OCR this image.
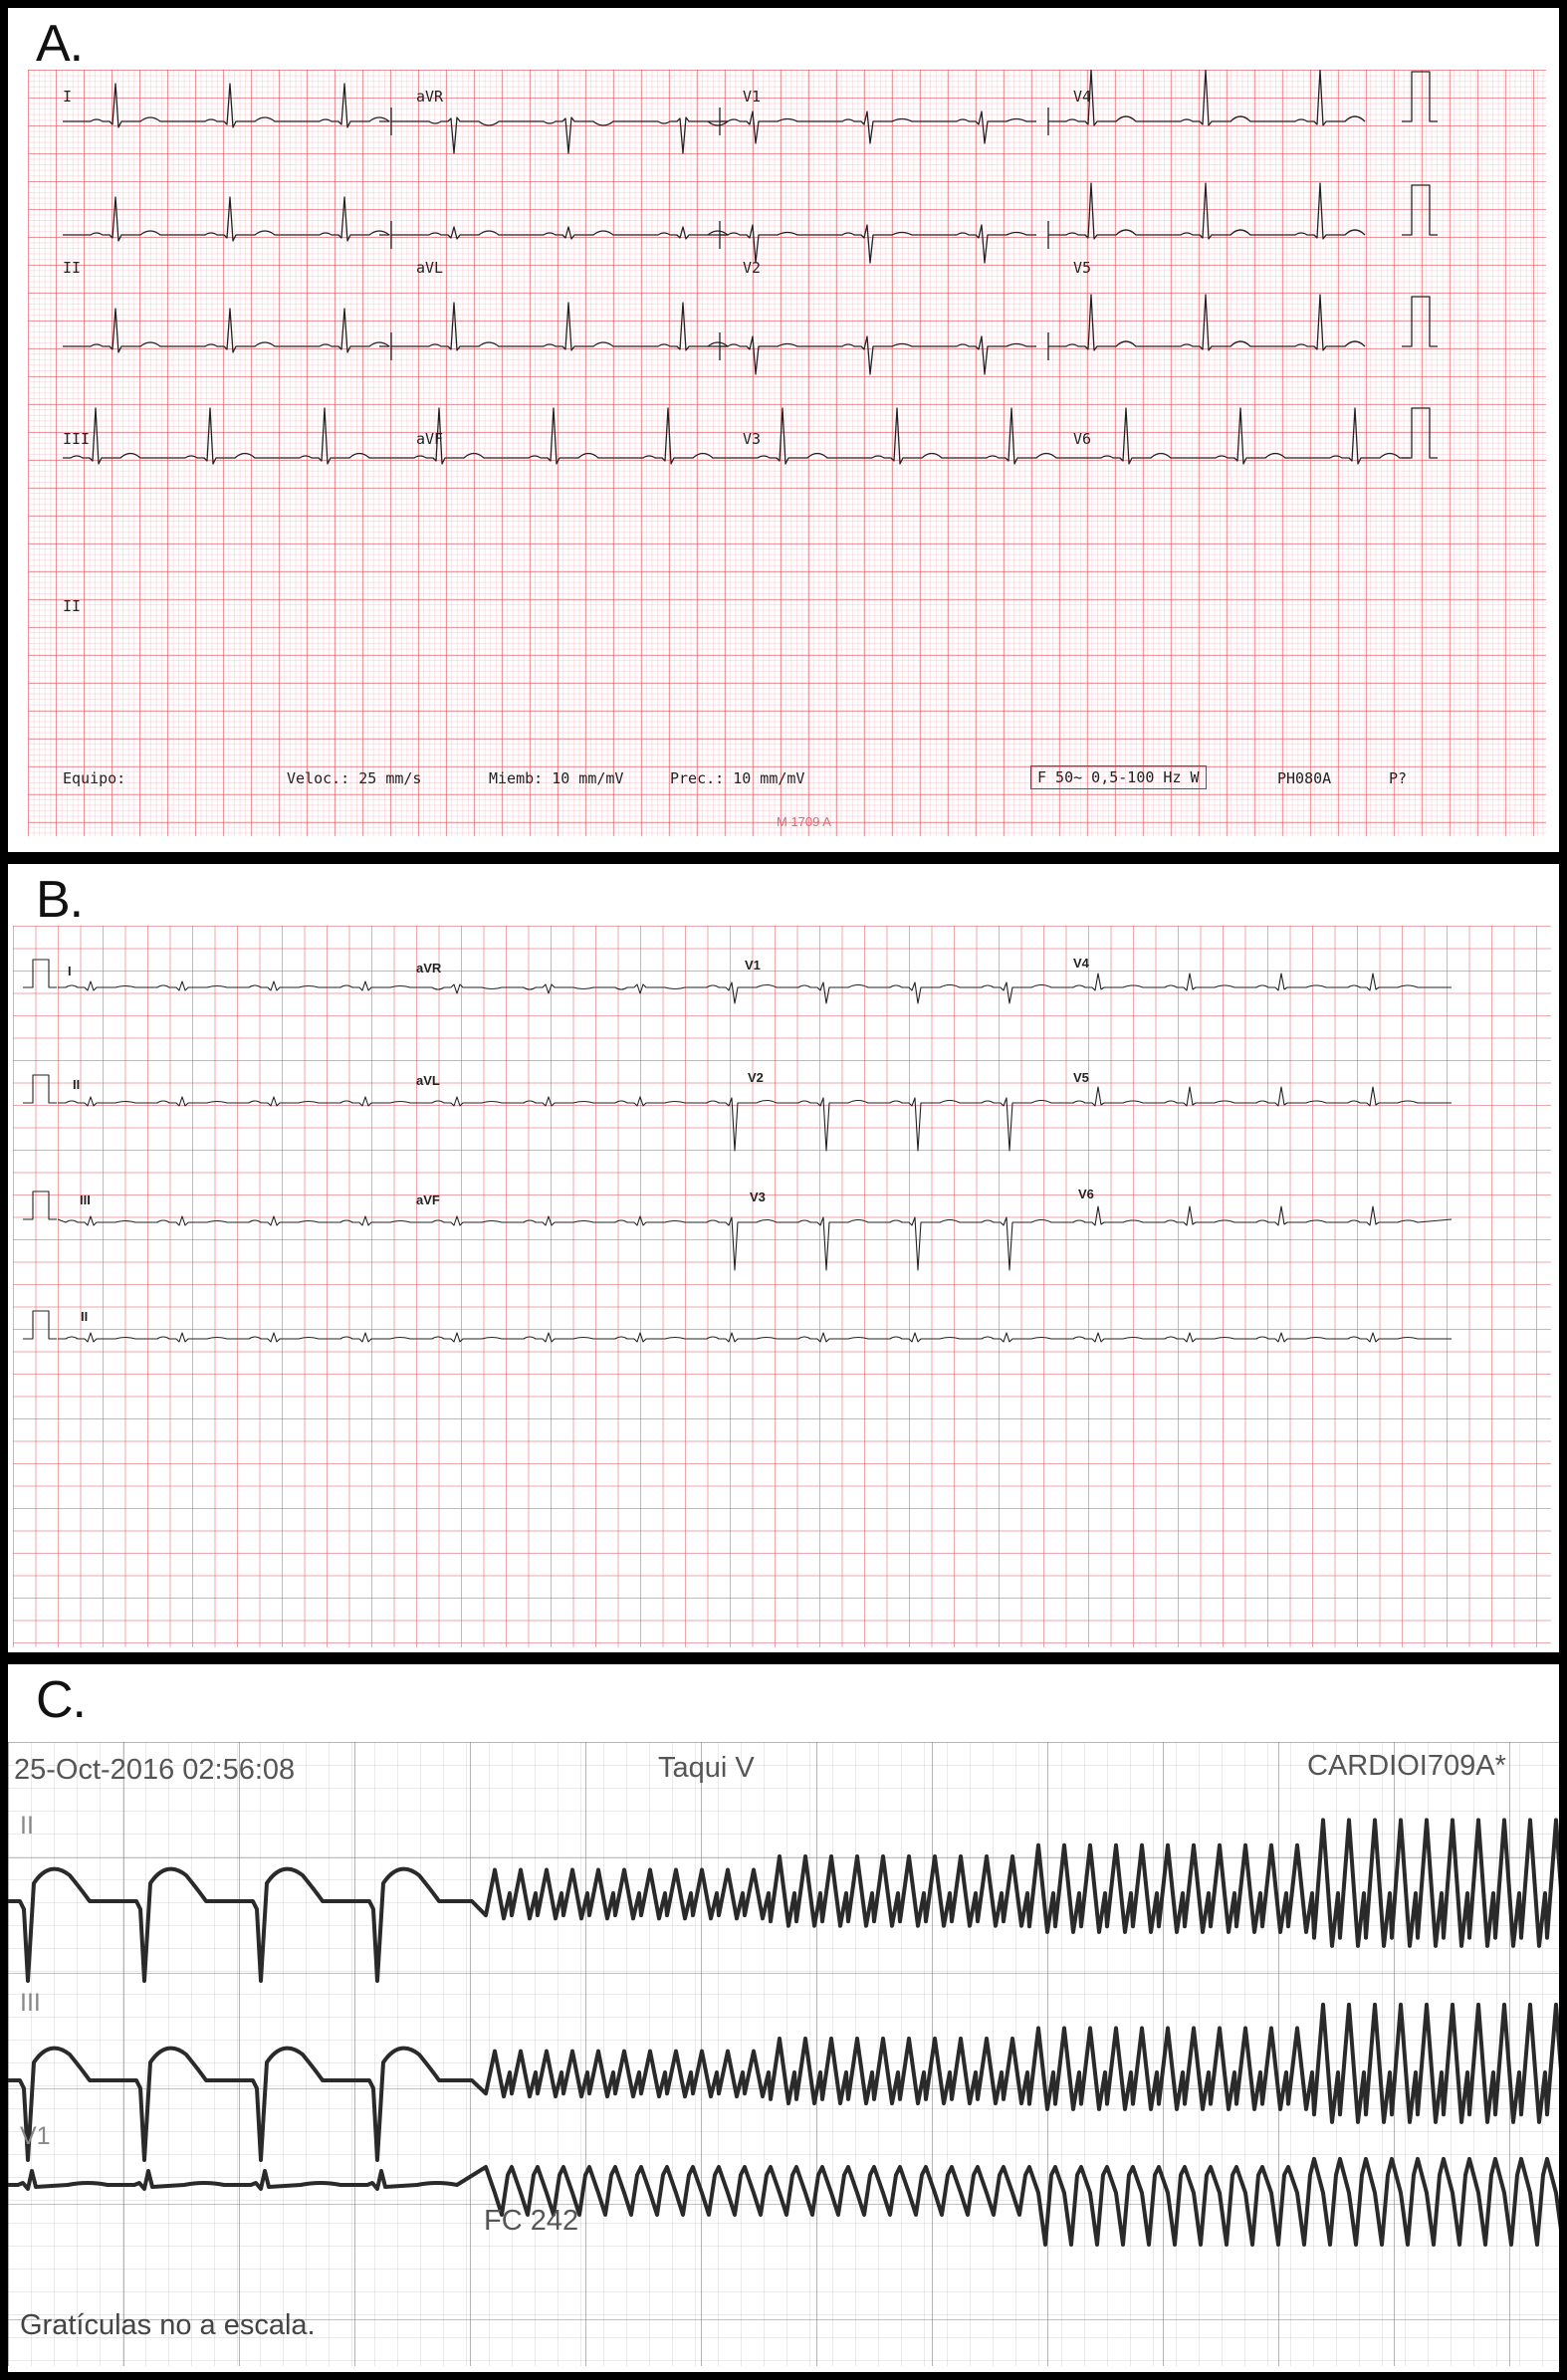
A.
I	aVR	V1	V4
II	aVL	V2	V5
III	aVF	V3	V6
II
Equipo:	Veloc.: 25 mm/s	Miemb: 10 mm/mV	Prec.: 10 mm/mV	F 50~ 0,5-100 Hz W	PH080A	P?
M 1709 A
B.
I	aVR	V1	V4
II	aVL	V2	V5
III	aVF	V3	V6
II
C.
25-Oct-2016 02:56:08	Taqui V	CARDIOI709A*
II
III
V1
FC 242
Gratículas no a escala.
